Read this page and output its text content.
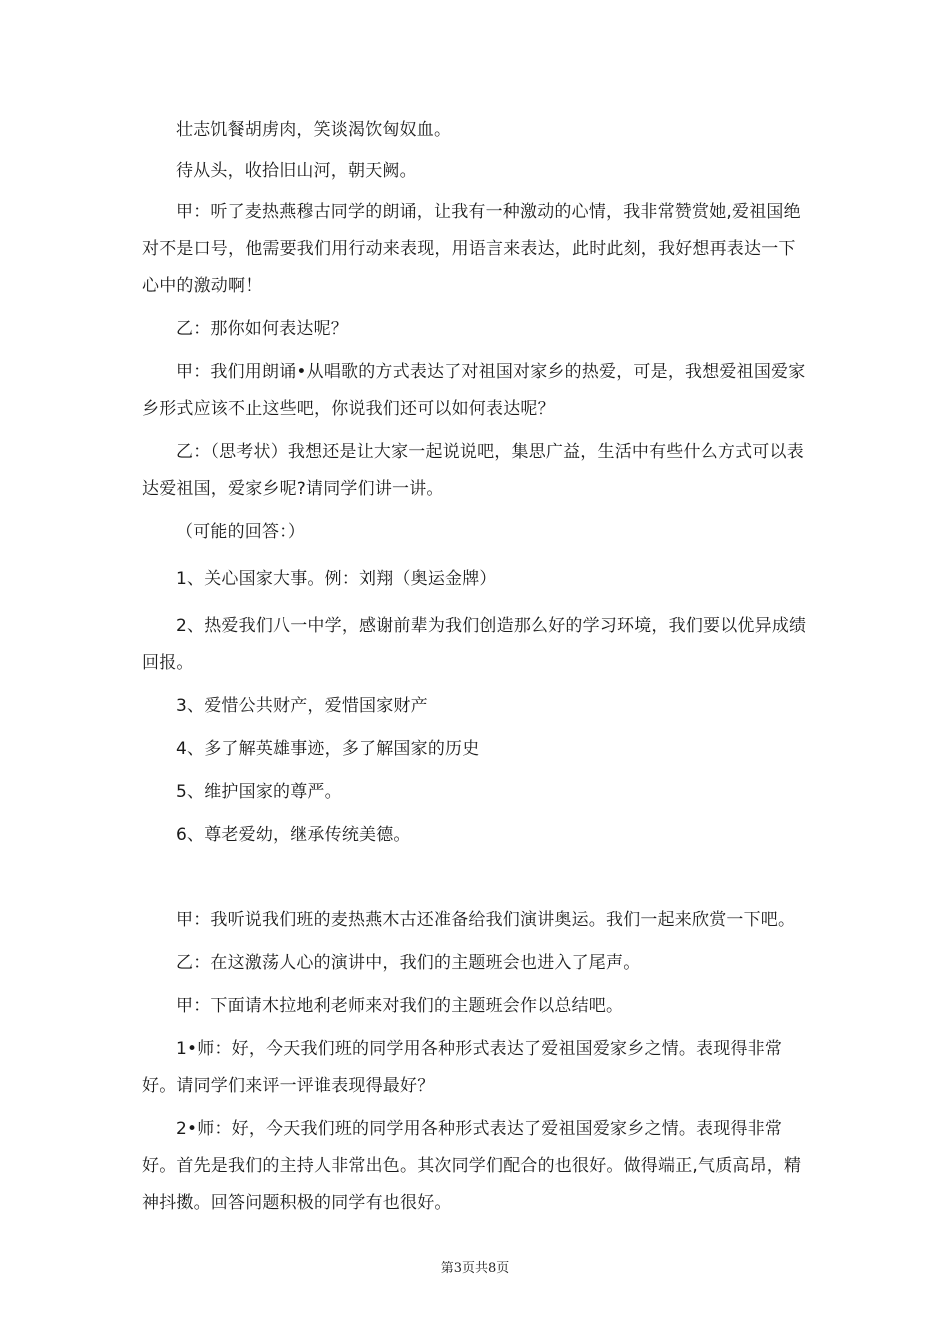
壮志饥餐胡虏肉，笑谈渴饮匈奴血。

待从头，收拾旧山河，朝天阙。

甲：听了麦热燕穆古同学的朗诵，让我有一种激动的心情，我非常赞赏她,爱祖国绝对不是口号，他需要我们用行动来表现，用语言来表达，此时此刻，我好想再表达一下心中的激动啊！

乙：那你如何表达呢？

甲：我们用朗诵•从唱歌的方式表达了对祖国对家乡的热爱，可是，我想爱祖国爱家乡形式应该不止这些吧，你说我们还可以如何表达呢？

乙：（思考状）我想还是让大家一起说说吧，集思广益，生活中有些什么方式可以表达爱祖国，爱家乡呢?请同学们讲一讲。

（可能的回答：）

1、关心国家大事。例：刘翔（奥运金牌）

2、热爱我们八一中学，感谢前辈为我们创造那么好的学习环境，我们要以优异成绩回报。

3、爱惜公共财产，爱惜国家财产

4、多了解英雄事迹，多了解国家的历史

5、维护国家的尊严。

6、尊老爱幼，继承传统美德。

甲：我听说我们班的麦热燕木古还准备给我们演讲奥运。我们一起来欣赏一下吧。

乙：在这激荡人心的演讲中，我们的主题班会也进入了尾声。

甲：下面请木拉地利老师来对我们的主题班会作以总结吧。

1•师：好，今天我们班的同学用各种形式表达了爱祖国爱家乡之情。表现得非常好。请同学们来评一评谁表现得最好？

2•师：好，今天我们班的同学用各种形式表达了爱祖国爱家乡之情。表现得非常好。首先是我们的主持人非常出色。其次同学们配合的也很好。做得端正,气质高昂，精神抖擞。回答问题积极的同学有也很好。

第3页共8页
